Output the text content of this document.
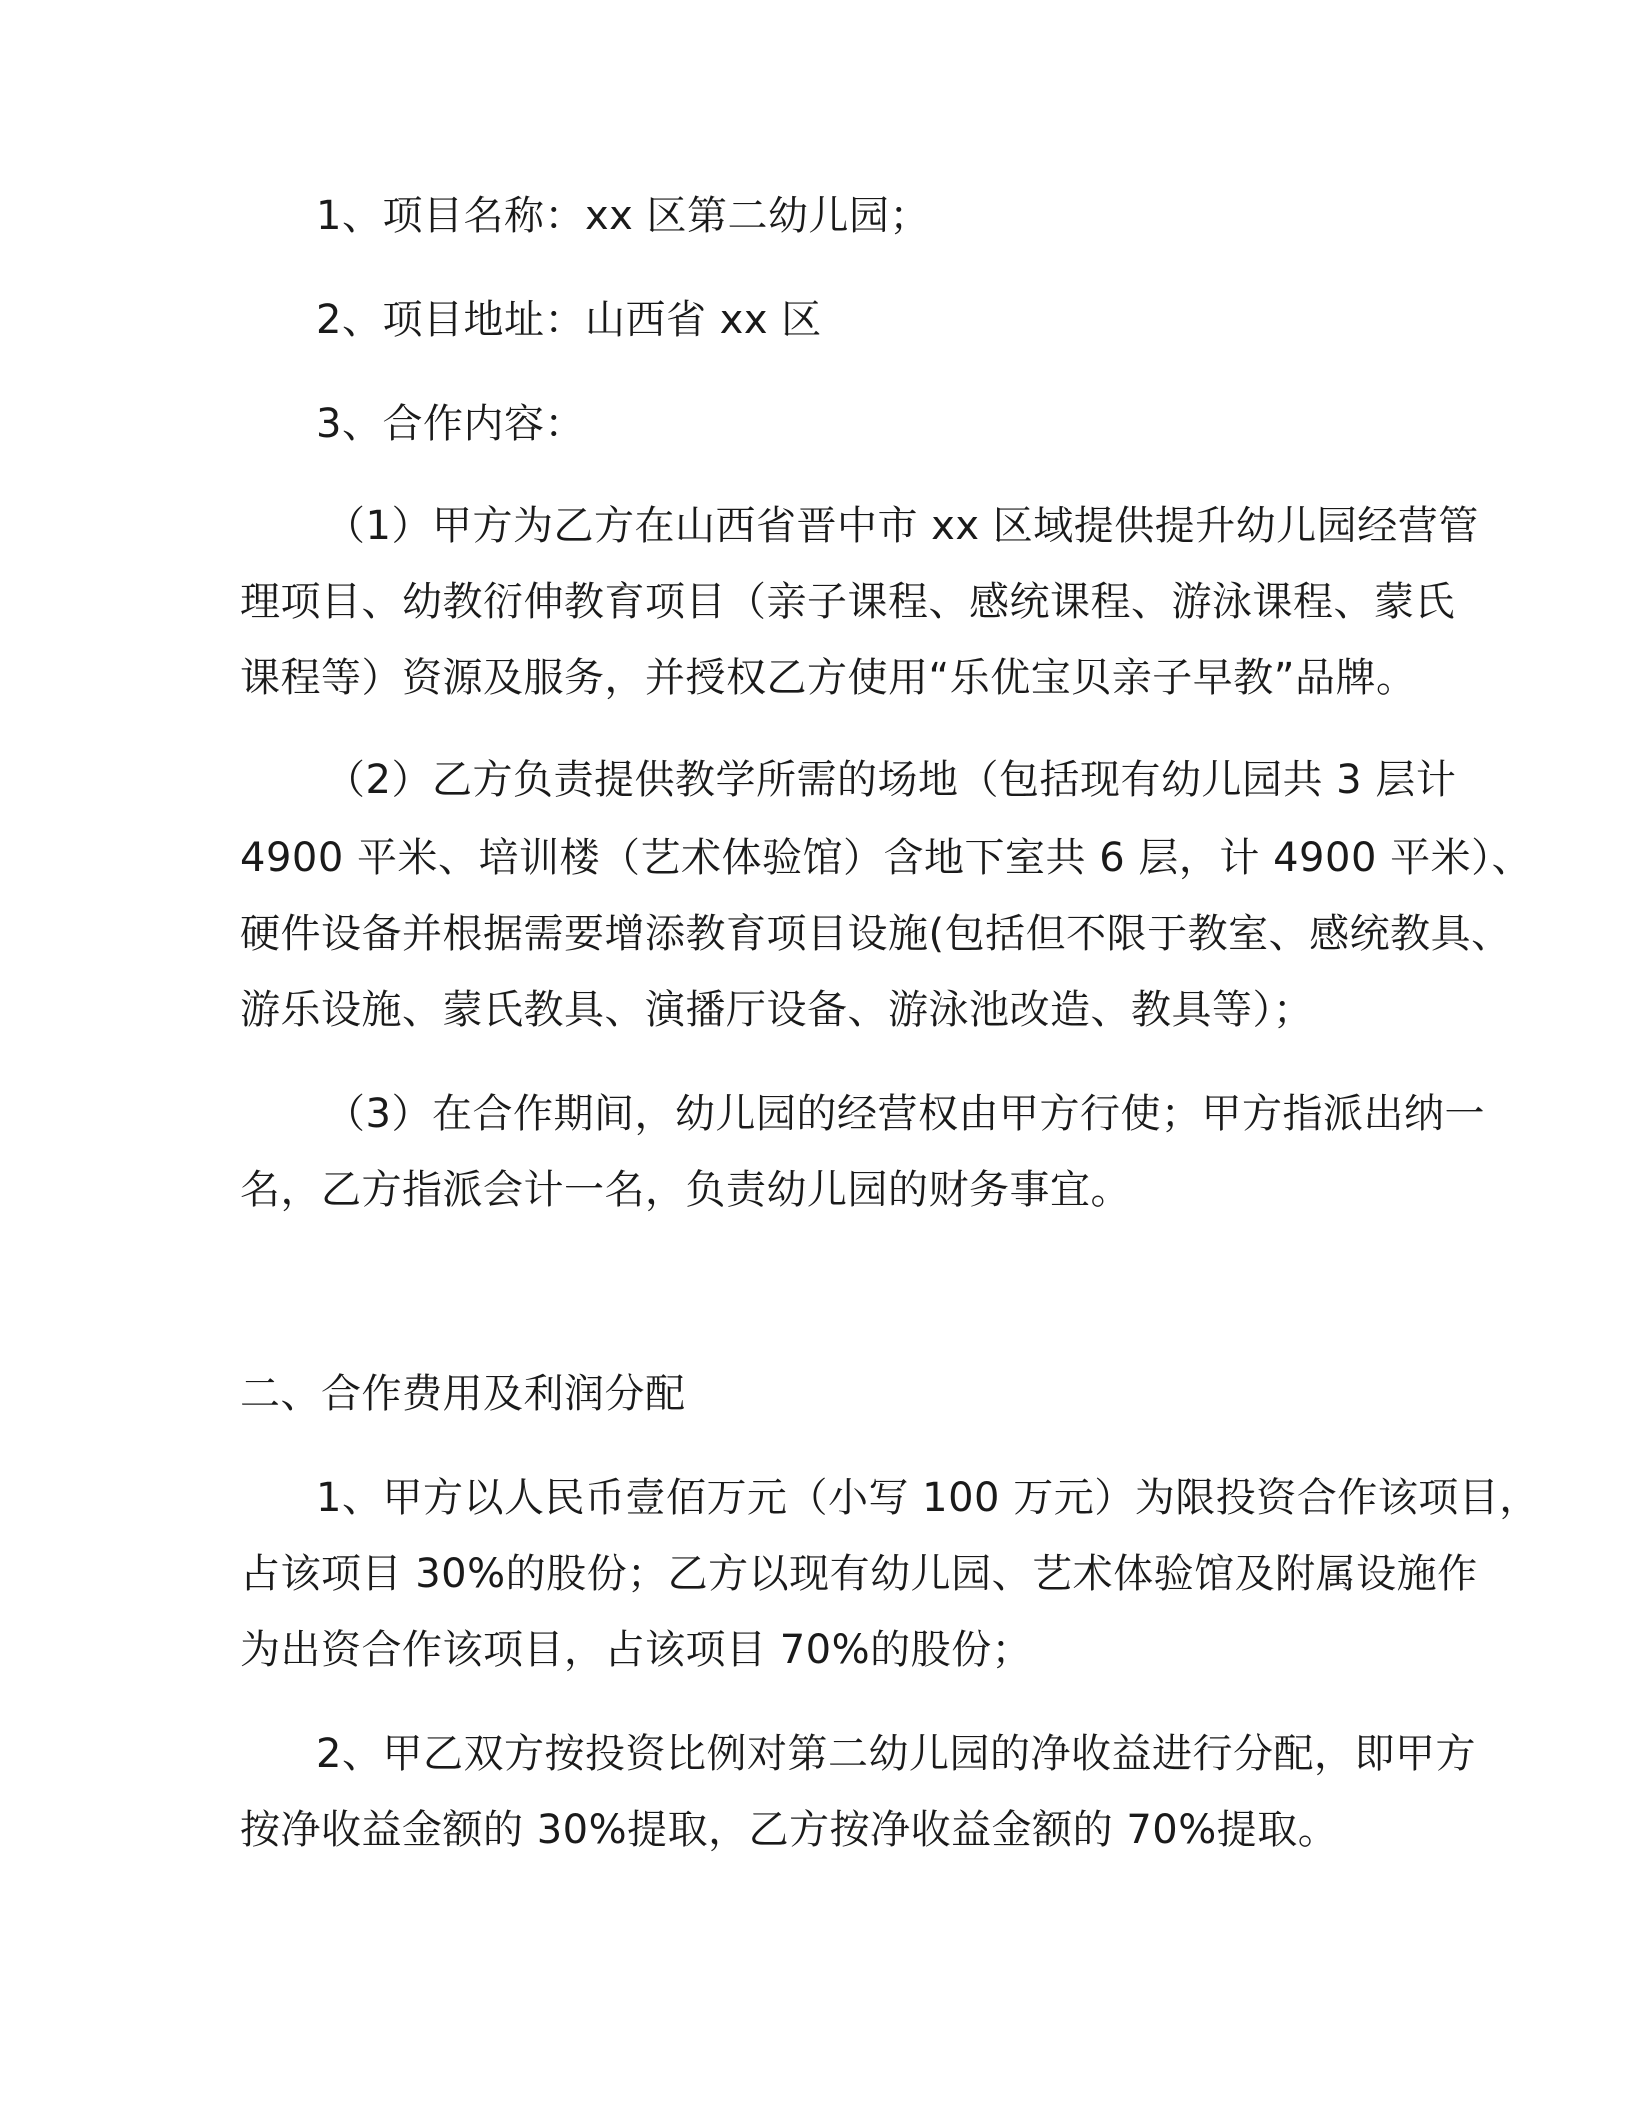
1、项目名称：xx 区第二幼儿园；
2、项目地址：山西省 xx 区
3、合作内容：
（1）甲方为乙方在山西省晋中市 xx 区域提供提升幼儿园经营管
理项目、幼教衍伸教育项目（亲子课程、感统课程、游泳课程、蒙氏
课程等）资源及服务，并授权乙方使用“乐优宝贝亲子早教”品牌。
（2）乙方负责提供教学所需的场地（包括现有幼儿园共 3 层计
4900 平米、培训楼（艺术体验馆）含地下室共 6 层，计 4900 平米）、
硬件设备并根据需要增添教育项目设施(包括但不限于教室、感统教具、
游乐设施、蒙氏教具、演播厅设备、游泳池改造、教具等）；
（3）在合作期间，幼儿园的经营权由甲方行使；甲方指派出纳一
名，乙方指派会计一名，负责幼儿园的财务事宜。
二、合作费用及利润分配
1、甲方以人民币壹佰万元（小写 100 万元）为限投资合作该项目，
占该项目 30%的股份；乙方以现有幼儿园、艺术体验馆及附属设施作
为出资合作该项目，占该项目 70%的股份；
2、甲乙双方按投资比例对第二幼儿园的净收益进行分配，即甲方
按净收益金额的 30%提取，乙方按净收益金额的 70%提取。
